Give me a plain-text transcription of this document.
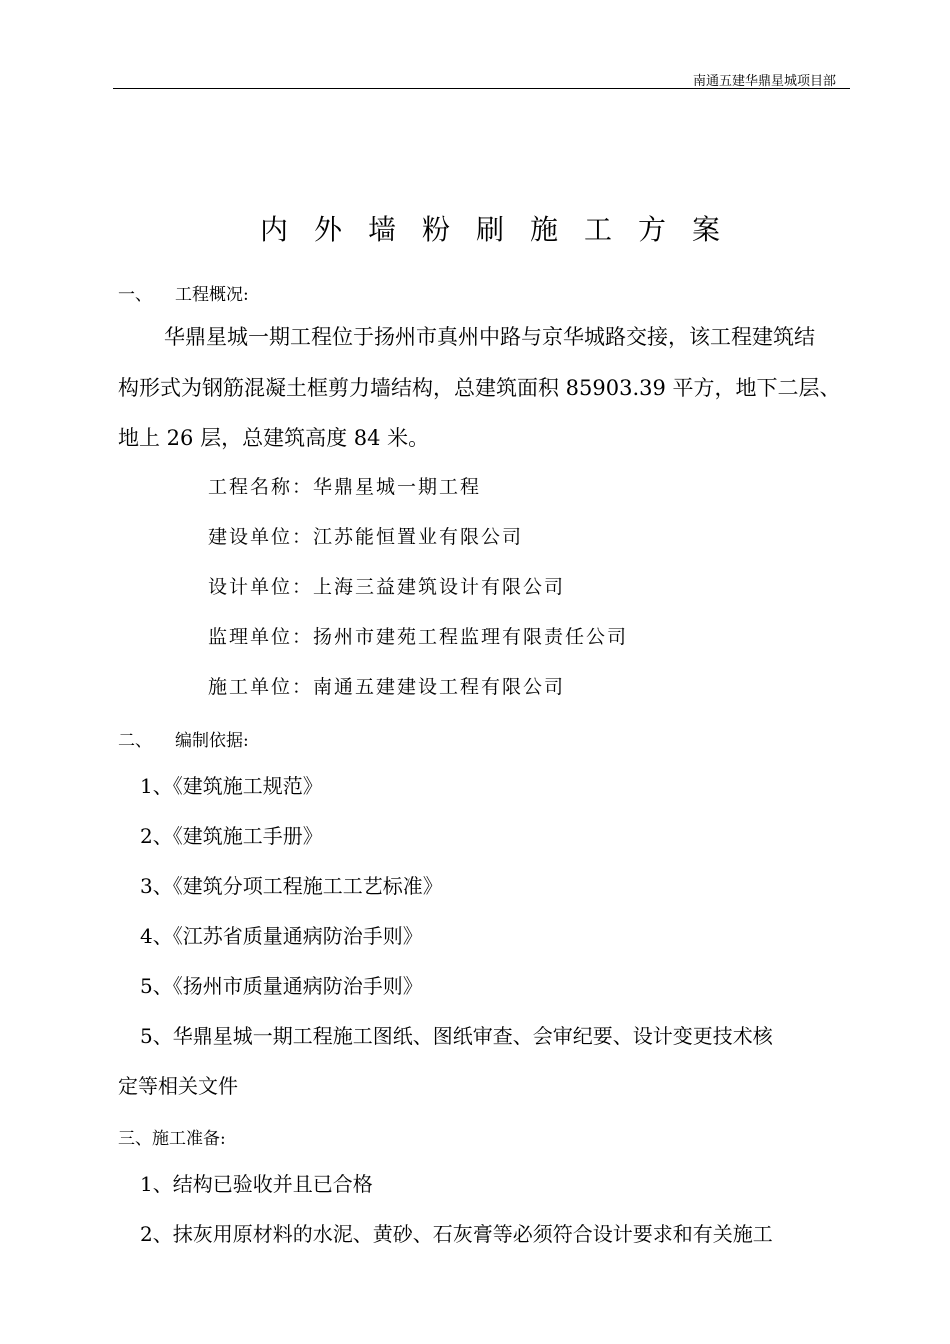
南通五建华鼎星城项目部
内外墙粉刷施工方案
一、 工程概况:
华鼎星城一期工程位于扬州市真州中路与京华城路交接，该工程建筑结
构形式为钢筋混凝土框剪力墙结构，总建筑面积 85903.39 平方，地下二层、
地上 26 层，总建筑高度 84 米。
工程名称：华鼎星城一期工程
建设单位：江苏能恒置业有限公司
设计单位：上海三益建筑设计有限公司
监理单位：扬州市建苑工程监理有限责任公司
施工单位：南通五建建设工程有限公司
二、 编制依据:
1、《建筑施工规范》
2、《建筑施工手册》
3、《建筑分项工程施工工艺标准》
4、《江苏省质量通病防治手则》
5、《扬州市质量通病防治手则》
5、华鼎星城一期工程施工图纸、图纸审查、会审纪要、设计变更技术核
定等相关文件
三、施工准备:
1、结构已验收并且已合格
2、抹灰用原材料的水泥、黄砂、石灰膏等必须符合设计要求和有关施工
